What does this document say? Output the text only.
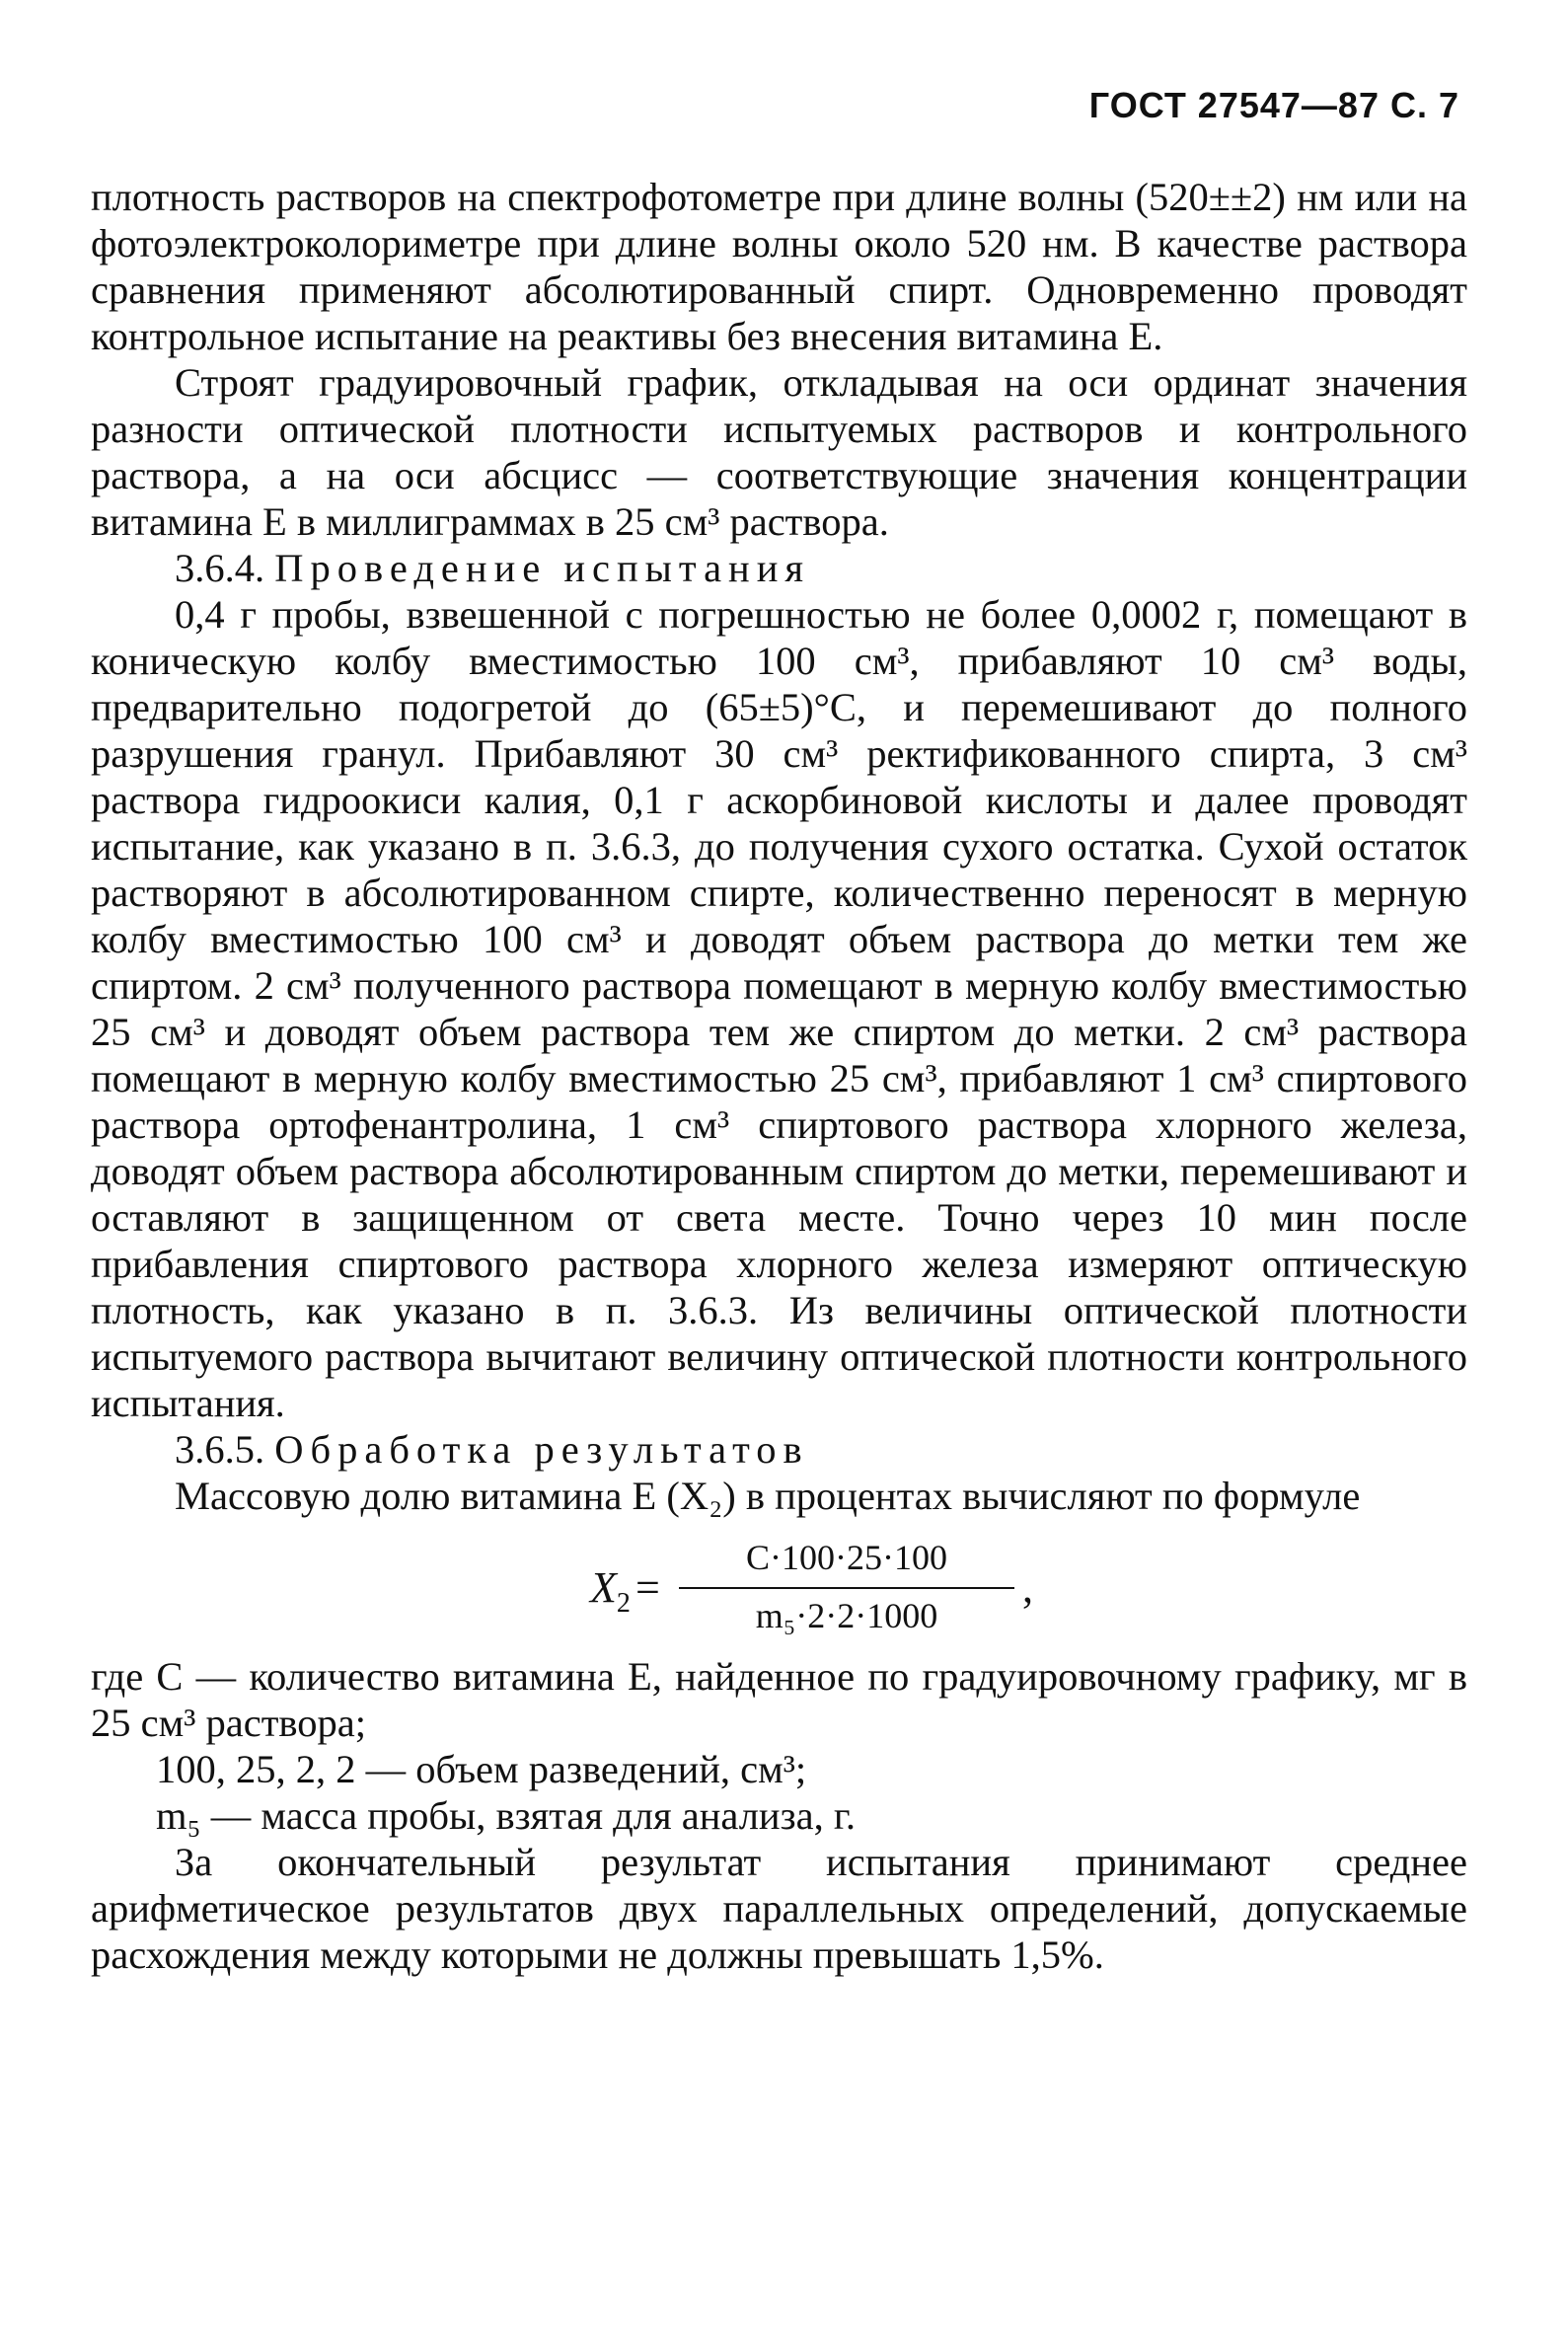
ГОСТ 27547—87 С. 7

плотность растворов на спектрофотометре при длине волны (520±±2) нм или на фотоэлектроколориметре при длине волны около 520 нм. В качестве раствора сравнения применяют абсолютированный спирт. Одновременно проводят контрольное испытание на реактивы без внесения витамина Е.

Строят градуировочный график, откладывая на оси ординат значения разности оптической плотности испытуемых растворов и контрольного раствора, а на оси абсцисс — соответствующие значения концентрации витамина Е в миллиграммах в 25 см³ раствора.

3.6.4. Проведение испытания

0,4 г пробы, взвешенной с погрешностью не более 0,0002 г, помещают в коническую колбу вместимостью 100 см³, прибавляют 10 см³ воды, предварительно подогретой до (65±5)°С, и перемешивают до полного разрушения гранул. Прибавляют 30 см³ ректификованного спирта, 3 см³ раствора гидроокиси калия, 0,1 г аскорбиновой кислоты и далее проводят испытание, как указано в п. 3.6.3, до получения сухого остатка. Сухой остаток растворяют в абсолютированном спирте, количественно переносят в мерную колбу вместимостью 100 см³ и доводят объем раствора до метки тем же спиртом. 2 см³ полученного раствора помещают в мерную колбу вместимостью 25 см³ и доводят объем раствора тем же спиртом до метки. 2 см³ раствора помещают в мерную колбу вместимостью 25 см³, прибавляют 1 см³ спиртового раствора ортофенантролина, 1 см³ спиртового раствора хлорного железа, доводят объем раствора абсолютированным спиртом до метки, перемешивают и оставляют в защищенном от света месте. Точно через 10 мин после прибавления спиртового раствора хлорного железа измеряют оптическую плотность, как указано в п. 3.6.3. Из величины оптической плотности испытуемого раствора вычитают величину оптической плотности контрольного испытания.

3.6.5. Обработка результатов

Массовую долю витамина Е (X₂) в процентах вычисляют по формуле

$X_2 = \frac{C\cdot 100\cdot 25\cdot 100}{\text{m₅·2·2·1000}}$ ,

где С — количество витамина Е, найденное по градуировочному графику, мг в 25 см³ раствора;

100, 25, 2, 2 — объем разведений, см³;

m₅ — масса пробы, взятая для анализа, г.

За окончательный результат испытания принимают среднее арифметическое результатов двух параллельных определений, допускаемые расхождения между которыми не должны превышать 1,5%.
